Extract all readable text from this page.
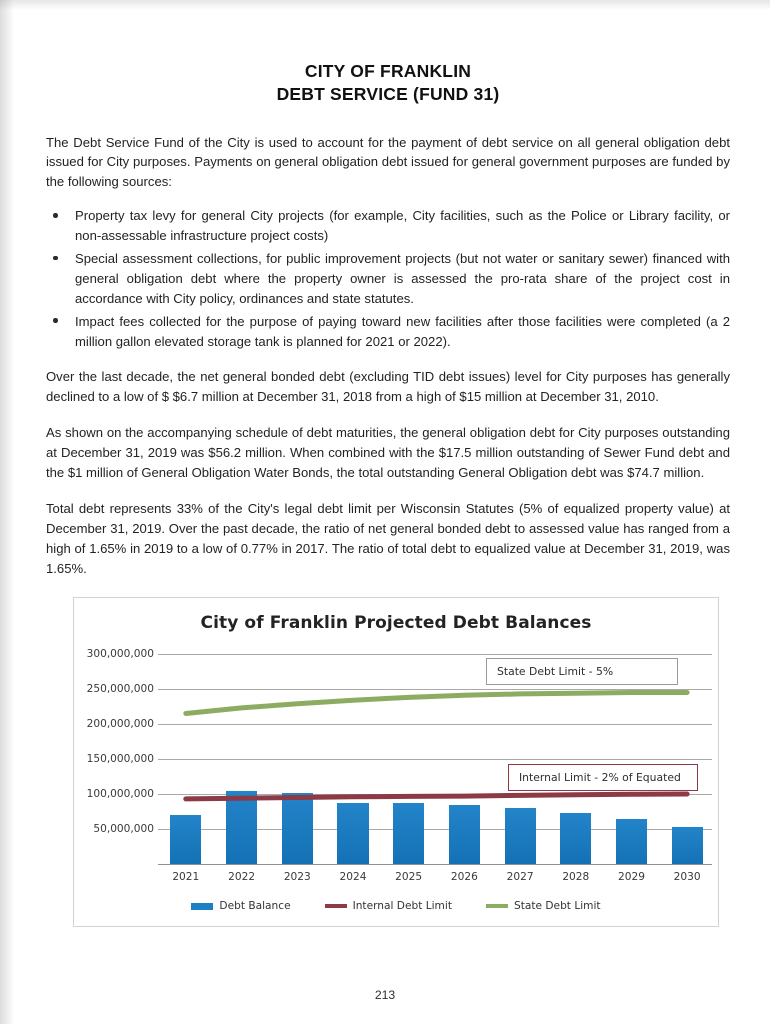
CITY OF FRANKLIN
DEBT SERVICE (FUND 31)

The Debt Service Fund of the City is used to account for the payment of debt service on all general obligation debt issued for City purposes. Payments on general obligation debt issued for general government purposes are funded by the following sources:

Property tax levy for general City projects (for example, City facilities, such as the Police or Library facility, or non-assessable infrastructure project costs)
Special assessment collections, for public improvement projects (but not water or sanitary sewer) financed with general obligation debt where the property owner is assessed the pro-rata share of the project cost in accordance with City policy, ordinances and state statutes.
Impact fees collected for the purpose of paying toward new facilities after those facilities were completed (a 2 million gallon elevated storage tank is planned for 2021 or 2022).

Over the last decade, the net general bonded debt (excluding TID debt issues) level for City purposes has generally declined to a low of $ $6.7 million at December 31, 2018 from a high of $15 million at December 31, 2010.

As shown on the accompanying schedule of debt maturities, the general obligation debt for City purposes outstanding at December 31, 2019 was $56.2 million. When combined with the $17.5 million outstanding of Sewer Fund debt and the $1 million of General Obligation Water Bonds, the total outstanding General Obligation debt was $74.7 million.

Total debt represents 33% of the City's legal debt limit per Wisconsin Statutes (5% of equalized property value) at December 31, 2019. Over the past decade, the ratio of net general bonded debt to assessed value has ranged from a high of 1.65% in 2019 to a low of 0.77% in 2017. The ratio of total debt to equalized value at December 31, 2019, was 1.65%.

City of Franklin Projected Debt Balances
50,000,000
100,000,000
150,000,000
200,000,000
250,000,000
300,000,000
2021	2022	2023	2024	2025	2026	2027	2028	2029	2030
State Debt Limit - 5%
Internal Limit - 2% of Equated
Debt Balance	Internal Debt Limit	State Debt Limit
213
